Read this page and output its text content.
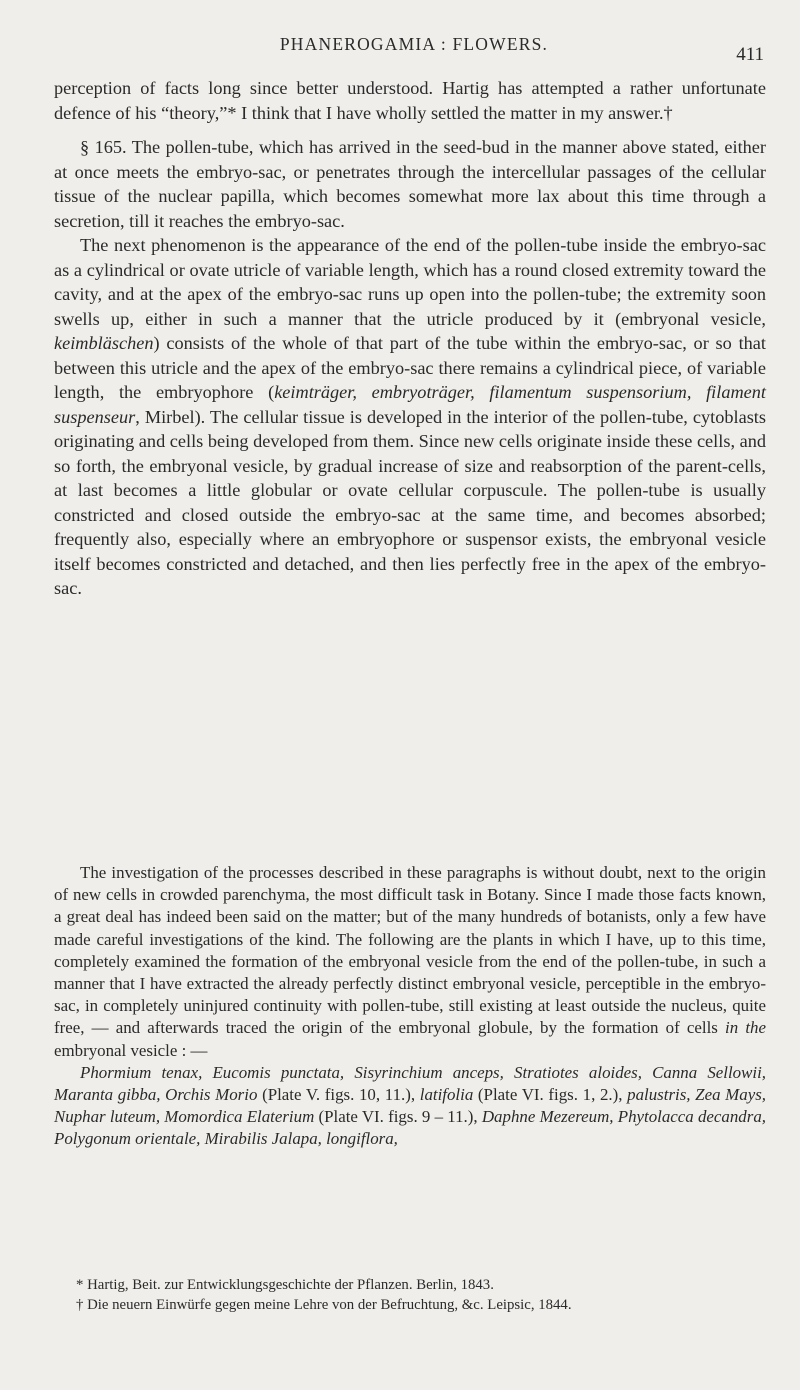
PHANEROGAMIA : FLOWERS.	411

perception of facts long since better understood. Hartig has attempted a rather unfortunate defence of his “theory,”* I think that I have wholly settled the matter in my answer.†

§ 165. The pollen-tube, which has arrived in the seed-bud in the manner above stated, either at once meets the embryo-sac, or penetrates through the intercellular passages of the cellular tissue of the nuclear papilla, which becomes somewhat more lax about this time through a secretion, till it reaches the embryo-sac.

The next phenomenon is the appearance of the end of the pollen-tube inside the embryo-sac as a cylindrical or ovate utricle of variable length, which has a round closed extremity toward the cavity, and at the apex of the embryo-sac runs up open into the pollen-tube; the extremity soon swells up, either in such a manner that the utricle produced by it (embryonal vesicle, keimbläschen) consists of the whole of that part of the tube within the embryo-sac, or so that between this utricle and the apex of the embryo-sac there remains a cylindrical piece, of variable length, the embryophore (keimträger, embryoträger, filamentum suspensorium, filament suspenseur, Mirbel). The cellular tissue is developed in the interior of the pollen-tube, cytoblasts originating and cells being developed from them. Since new cells originate inside these cells, and so forth, the embryonal vesicle, by gradual increase of size and reabsorption of the parent-cells, at last becomes a little globular or ovate cellular corpuscule. The pollen-tube is usually constricted and closed outside the embryo-sac at the same time, and becomes absorbed; frequently also, especially where an embryophore or suspensor exists, the embryonal vesicle itself becomes constricted and detached, and then lies perfectly free in the apex of the embryo-sac.

The investigation of the processes described in these paragraphs is without doubt, next to the origin of new cells in crowded parenchyma, the most difficult task in Botany. Since I made those facts known, a great deal has indeed been said on the matter; but of the many hundreds of botanists, only a few have made careful investigations of the kind. The following are the plants in which I have, up to this time, completely examined the formation of the embryonal vesicle from the end of the pollen-tube, in such a manner that I have extracted the already perfectly distinct embryonal vesicle, perceptible in the embryo-sac, in completely uninjured continuity with pollen-tube, still existing at least outside the nucleus, quite free, — and afterwards traced the origin of the embryonal globule, by the formation of cells in the embryonal vesicle : —

Phormium tenax, Eucomis punctata, Sisyrinchium anceps, Stratiotes aloides, Canna Sellowii, Maranta gibba, Orchis Morio (Plate V. figs. 10, 11.), latifolia (Plate VI. figs. 1, 2.), palustris, Zea Mays, Nuphar luteum, Momordica Elaterium (Plate VI. figs. 9 – 11.), Daphne Mezereum, Phytolacca decandra, Polygonum orientale, Mirabilis Jalapa, longiflora,

* Hartig, Beit. zur Entwicklungsgeschichte der Pflanzen. Berlin, 1843.

† Die neuern Einwürfe gegen meine Lehre von der Befruchtung, &c. Leipsic, 1844.
